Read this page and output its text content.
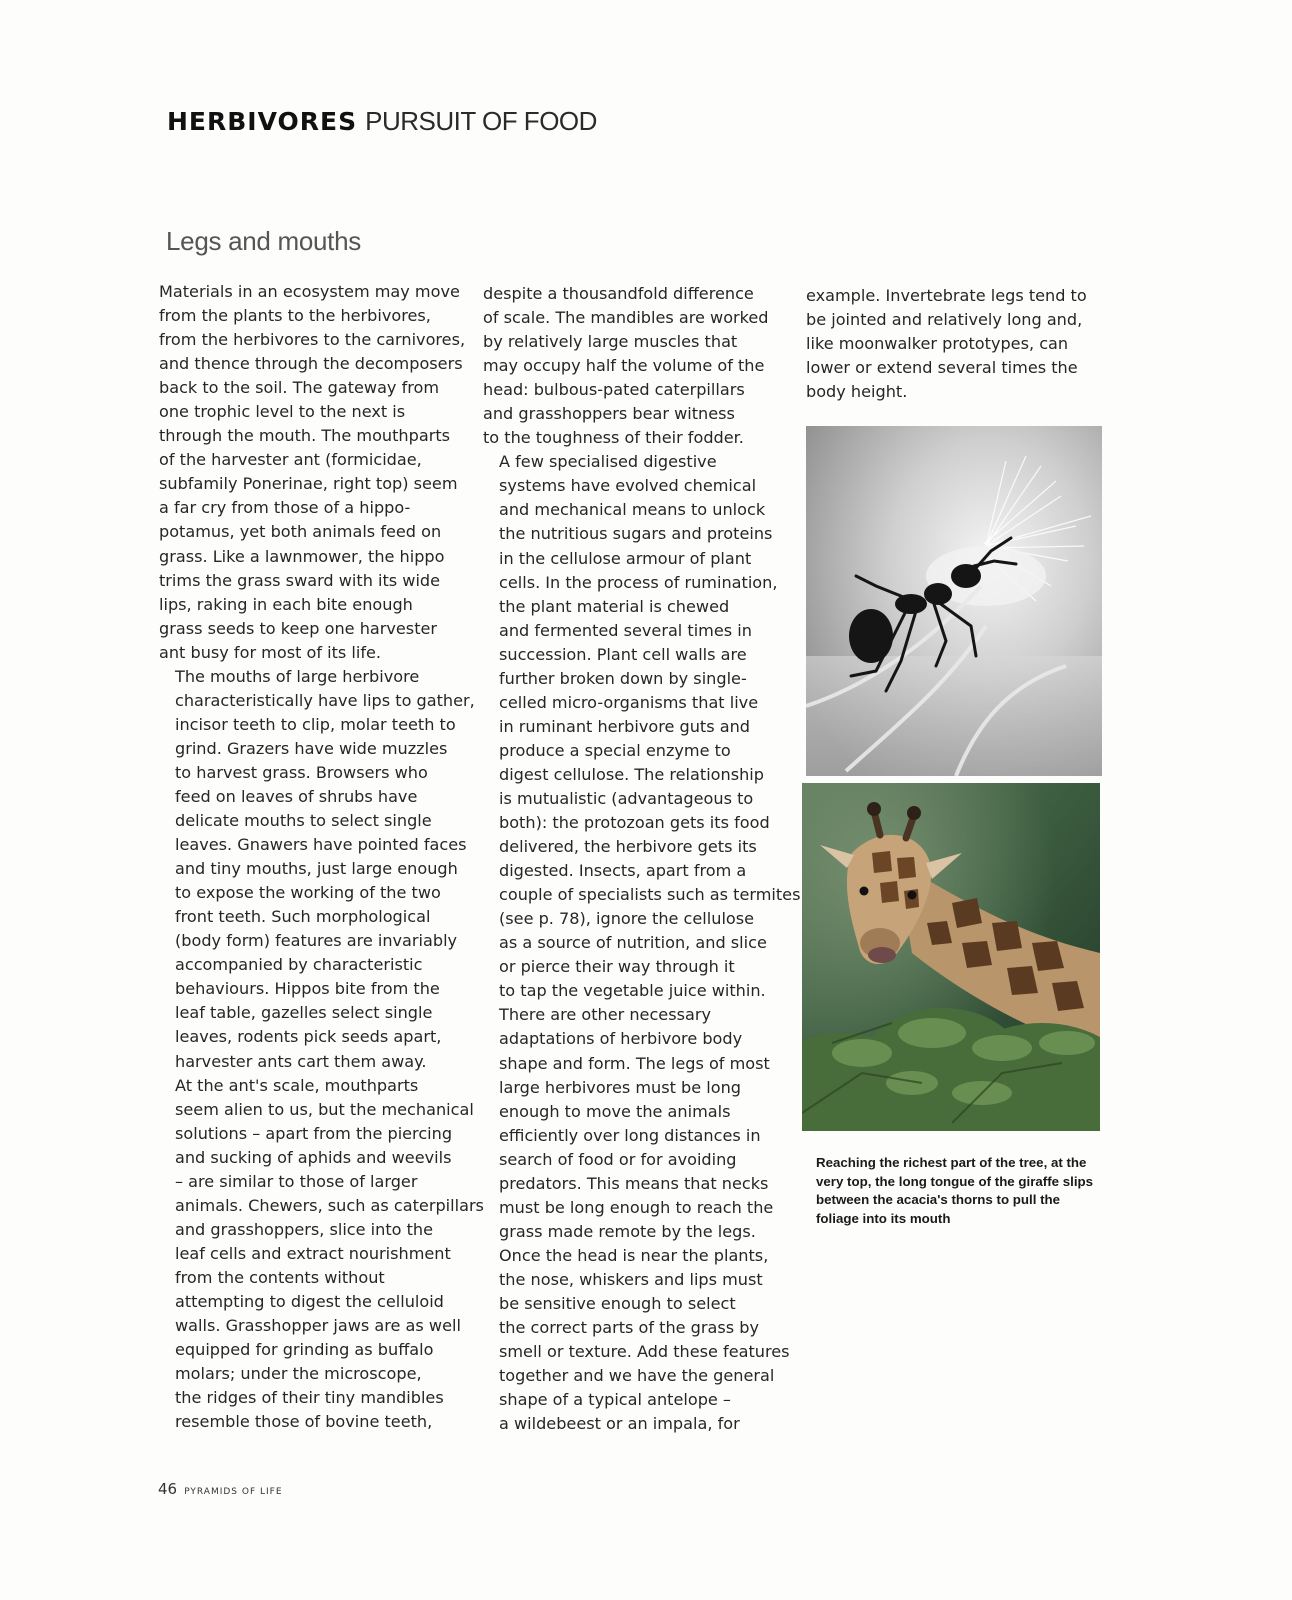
HERBIVORES PURSUIT OF FOOD
Legs and mouths

Materials in an ecosystem may move
from the plants to the herbivores,
from the herbivores to the carnivores,
and thence through the decomposers
back to the soil. The gateway from
one trophic level to the next is
through the mouth. The mouthparts
of the harvester ant (formicidae,
subfamily Ponerinae, right top) seem
a far cry from those of a hippo-
potamus, yet both animals feed on
grass. Like a lawnmower, the hippo
trims the grass sward with its wide
lips, raking in each bite enough
grass seeds to keep one harvester
ant busy for most of its life.

The mouths of large herbivore
characteristically have lips to gather,
incisor teeth to clip, molar teeth to
grind. Grazers have wide muzzles
to harvest grass. Browsers who
feed on leaves of shrubs have
delicate mouths to select single
leaves. Gnawers have pointed faces
and tiny mouths, just large enough
to expose the working of the two
front teeth. Such morphological
(body form) features are invariably
accompanied by characteristic
behaviours. Hippos bite from the
leaf table, gazelles select single
leaves, rodents pick seeds apart,
harvester ants cart them away.

At the ant's scale, mouthparts
seem alien to us, but the mechanical
solutions – apart from the piercing
and sucking of aphids and weevils
– are similar to those of larger
animals. Chewers, such as caterpillars
and grasshoppers, slice into the
leaf cells and extract nourishment
from the contents without
attempting to digest the celluloid
walls. Grasshopper jaws are as well
equipped for grinding as buffalo
molars; under the microscope,
the ridges of their tiny mandibles
resemble those of bovine teeth,

despite a thousandfold difference
of scale. The mandibles are worked
by relatively large muscles that
may occupy half the volume of the
head: bulbous-pated caterpillars
and grasshoppers bear witness
to the toughness of their fodder.

A few specialised digestive
systems have evolved chemical
and mechanical means to unlock
the nutritious sugars and proteins
in the cellulose armour of plant
cells. In the process of rumination,
the plant material is chewed
and fermented several times in
succession. Plant cell walls are
further broken down by single-
celled micro-organisms that live
in ruminant herbivore guts and
produce a special enzyme to
digest cellulose. The relationship
is mutualistic (advantageous to
both): the protozoan gets its food
delivered, the herbivore gets its
digested. Insects, apart from a
couple of specialists such as termites
(see p. 78), ignore the cellulose
as a source of nutrition, and slice
or pierce their way through it
to tap the vegetable juice within.

There are other necessary
adaptations of herbivore body
shape and form. The legs of most
large herbivores must be long
enough to move the animals
efficiently over long distances in
search of food or for avoiding
predators. This means that necks
must be long enough to reach the
grass made remote by the legs.
Once the head is near the plants,
the nose, whiskers and lips must
be sensitive enough to select
the correct parts of the grass by
smell or texture. Add these features
together and we have the general
shape of a typical antelope –
a wildebeest or an impala, for

example. Invertebrate legs tend to
be jointed and relatively long and,
like moonwalker prototypes, can
lower or extend several times the
body height.

Reaching the richest part of the tree, at the
very top, the long tongue of the giraffe slips
between the acacia's thorns to pull the
foliage into its mouth
46 PYRAMIDS OF LIFE
